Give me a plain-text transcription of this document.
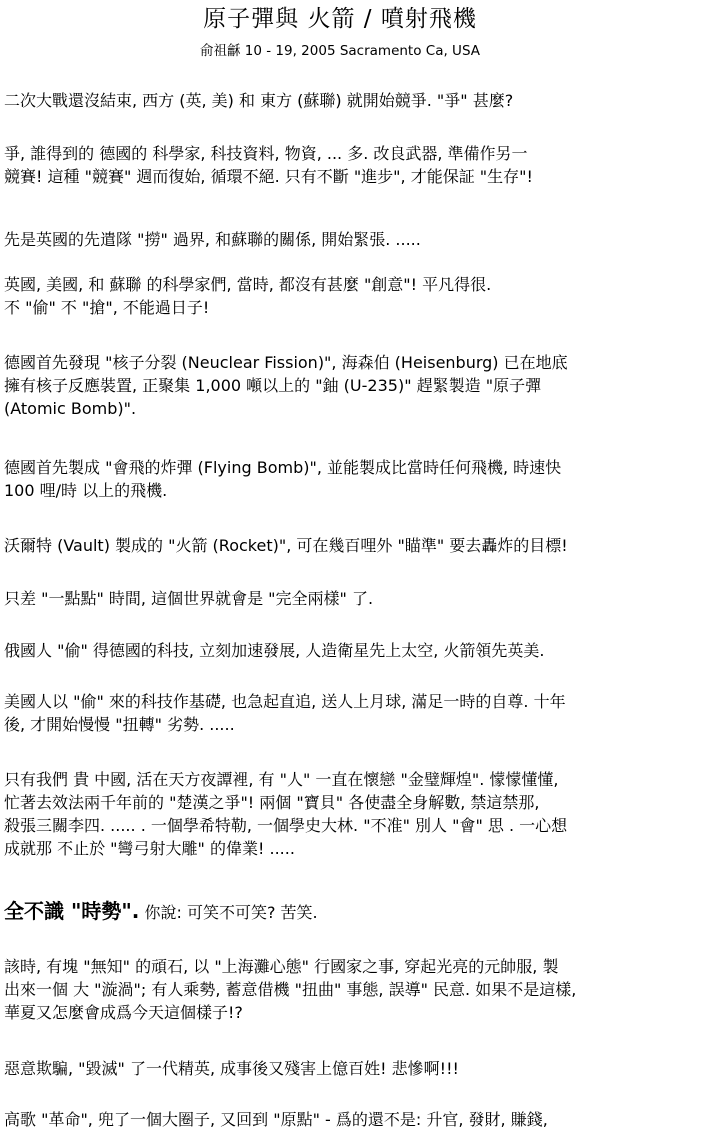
原子彈與 火箭 / 噴射飛機
俞祖龢 10 - 19, 2005 Sacramento Ca, USA
二次大戰還沒結束, 西方 (英, 美) 和 東方 (蘇聯) 就開始競爭. "爭" 甚麼?
爭, 誰得到的 德國的 科學家, 科技資料, 物資, ... 多. 改良武器, 準備作另一
競賽! 這種 "競賽" 週而復始, 循環不絕. 只有不斷 "進步", 才能保証 "生存"!
先是英國的先遣隊 "撈" 過界, 和蘇聯的關係, 開始緊張. .....
英國, 美國, 和 蘇聯 的科學家們, 當時, 都沒有甚麼 "創意"! 平凡得很.
不 "偷" 不 "搶", 不能過日子!
德國首先發現 "核子分裂 (Neuclear Fission)", 海森伯 (Heisenburg) 已在地底
擁有核子反應裝置, 正聚集 1,000 噸以上的 "鈾 (U-235)" 趕緊製造 "原子彈
(Atomic Bomb)".
德國首先製成 "會飛的炸彈 (Flying Bomb)", 並能製成比當時任何飛機, 時速快
100 哩/時 以上的飛機.
沃爾特 (Vault) 製成的 "火箭 (Rocket)", 可在幾百哩外 "瞄準" 要去轟炸的目標!
只差 "一點點" 時間, 這個世界就會是 "完全兩樣" 了.
俄國人 "偷" 得德國的科技, 立刻加速發展, 人造衛星先上太空, 火箭領先英美.
美國人以 "偷" 來的科技作基礎, 也急起直追, 送人上月球, 滿足一時的自尊. 十年
後, 才開始慢慢 "扭轉" 劣勢. .....
只有我們 貴 中國, 活在天方夜譚裡, 有 "人" 一直在懷戀 "金璧輝煌". 懞懞懂懂,
忙著去效法兩千年前的 "楚漢之爭"! 兩個 "寶貝" 各使盡全身解數, 禁這禁那,
殺張三關李四. ..... . 一個學希特勒, 一個學史大林. "不准" 別人 "會" 思 . 一心想
成就那 不止於 "彎弓射大雕" 的偉業! .....
全不識 "時勢". 你說: 可笑不可笑? 苦笑.
該時, 有塊 "無知" 的頑石, 以 "上海灘心態" 行國家之事, 穿起光亮的元帥服, 製
出來一個 大 "漩渦"; 有人乘勢, 蓄意借機 "扭曲" 事態, 誤導" 民意. 如果不是這樣,
華夏又怎麼會成爲今天這個樣子!?
惡意欺騙, "毀滅" 了一代精英, 成事後又殘害上億百姓! 悲慘啊!!!
高歌 "革命", 兜了一個大圈子, 又回到 "原點" - 爲的還不是: 升官, 發財, 賺錢,
